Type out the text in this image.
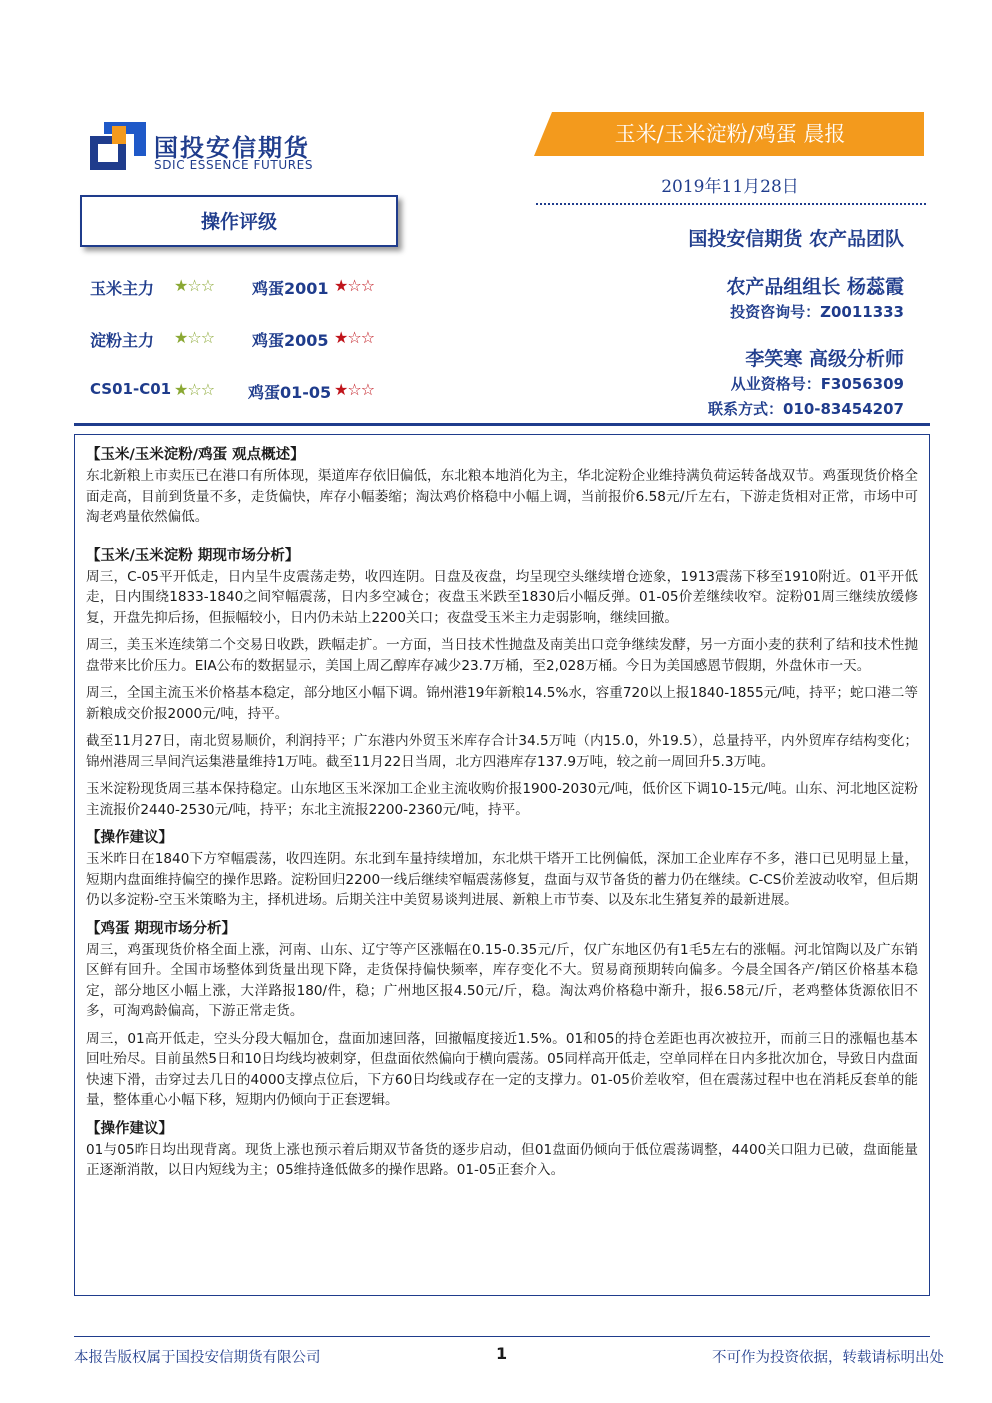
国投安信期货
SDIC ESSENCE FUTURES
玉米/玉米淀粉/鸡蛋 晨报
2019年11月28日
操作评级
玉米主力 ★☆☆ 鸡蛋2001 ★☆☆
淀粉主力 ★☆☆ 鸡蛋2005 ★☆☆
CS01-C01 ★☆☆ 鸡蛋01-05 ★☆☆
国投安信期货 农产品团队
农产品组组长 杨蕊霞
投资咨询号：Z0011333
李笑寒 高级分析师
从业资格号：F3056309
联系方式：010-83454207
【玉米/玉米淀粉/鸡蛋 观点概述】

东北新粮上市卖压已在港口有所体现，渠道库存依旧偏低，东北粮本地消化为主，华北淀粉企业维持满负荷运转备战双节。鸡蛋现货价格全面走高，目前到货量不多，走货偏快，库存小幅萎缩；淘汰鸡价格稳中小幅上调，当前报价6.58元/斤左右，下游走货相对正常，市场中可淘老鸡量依然偏低。

【玉米/玉米淀粉 期现市场分析】

周三，C-05平开低走，日内呈牛皮震荡走势，收四连阴。日盘及夜盘，均呈现空头继续增仓迹象，1913震荡下移至1910附近。01平开低走，日内围绕1833-1840之间窄幅震荡，日内多空减仓；夜盘玉米跌至1830后小幅反弹。01-05价差继续收窄。淀粉01周三继续放缓修复，开盘先抑后扬，但振幅较小，日内仍未站上2200关口；夜盘受玉米主力走弱影响，继续回撤。

周三，美玉米连续第二个交易日收跌，跌幅走扩。一方面，当日技术性抛盘及南美出口竞争继续发酵，另一方面小麦的获利了结和技术性抛盘带来比价压力。EIA公布的数据显示，美国上周乙醇库存减少23.7万桶，至2,028万桶。今日为美国感恩节假期，外盘休市一天。

周三，全国主流玉米价格基本稳定，部分地区小幅下调。锦州港19年新粮14.5%水，容重720以上报1840-1855元/吨，持平；蛇口港二等新粮成交价报2000元/吨，持平。

截至11月27日，南北贸易顺价，利润持平；广东港内外贸玉米库存合计34.5万吨（内15.0，外19.5），总量持平，内外贸库存结构变化；锦州港周三旱间汽运集港量维持1万吨。截至11月22日当周，北方四港库存137.9万吨，较之前一周回升5.3万吨。

玉米淀粉现货周三基本保持稳定。山东地区玉米深加工企业主流收购价报1900-2030元/吨，低价区下调10-15元/吨。山东、河北地区淀粉主流报价2440-2530元/吨，持平；东北主流报2200-2360元/吨，持平。

【操作建议】

玉米昨日在1840下方窄幅震荡，收四连阴。东北到车量持续增加，东北烘干塔开工比例偏低，深加工企业库存不多，港口已见明显上量，短期内盘面维持偏空的操作思路。淀粉回归2200一线后继续窄幅震荡修复，盘面与双节备货的蓄力仍在继续。C-CS价差波动收窄，但后期仍以多淀粉-空玉米策略为主，择机进场。后期关注中美贸易谈判进展、新粮上市节奏、以及东北生猪复养的最新进展。

【鸡蛋 期现市场分析】

周三，鸡蛋现货价格全面上涨，河南、山东、辽宁等产区涨幅在0.15-0.35元/斤，仅广东地区仍有1毛5左右的涨幅。河北馆陶以及广东销区鲜有回升。全国市场整体到货量出现下降，走货保持偏快频率，库存变化不大。贸易商预期转向偏多。今晨全国各产/销区价格基本稳定，部分地区小幅上涨，大洋路报180/件，稳；广州地区报4.50元/斤，稳。淘汰鸡价格稳中渐升，报6.58元/斤，老鸡整体货源依旧不多，可淘鸡龄偏高，下游正常走货。

周三，01高开低走，空头分段大幅加仓，盘面加速回落，回撤幅度接近1.5%。01和05的持仓差距也再次被拉开，而前三日的涨幅也基本回吐殆尽。目前虽然5日和10日均线均被刺穿，但盘面依然偏向于横向震荡。05同样高开低走，空单同样在日内多批次加仓，导致日内盘面快速下滑，击穿过去几日的4000支撑点位后，下方60日均线或存在一定的支撑力。01-05价差收窄，但在震荡过程中也在消耗反套单的能量，整体重心小幅下移，短期内仍倾向于正套逻辑。

【操作建议】

01与05昨日均出现背离。现货上涨也预示着后期双节备货的逐步启动，但01盘面仍倾向于低位震荡调整，4400关口阻力已破，盘面能量正逐渐消散，以日内短线为主；05维持逢低做多的操作思路。01-05正套介入。

本报告版权属于国投安信期货有限公司	1	不可作为投资依据，转载请标明出处
